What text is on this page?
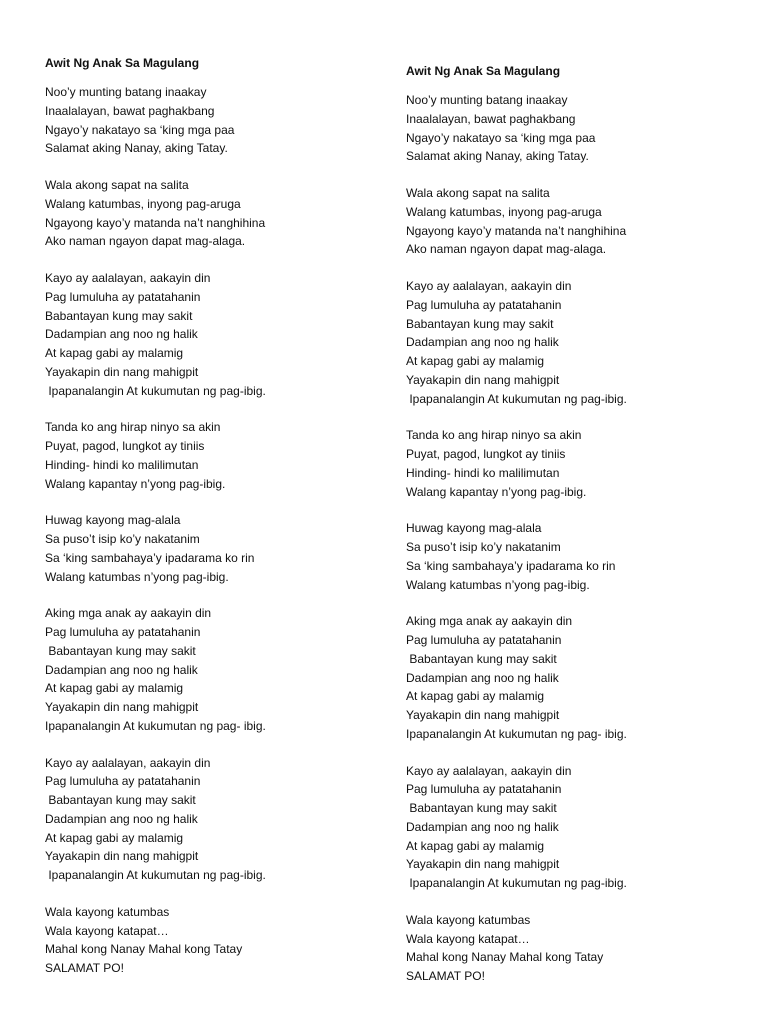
Awit Ng Anak Sa Magulang
Noo’y munting batang inaakay
Inaalalayan, bawat paghakbang
Ngayo’y nakatayo sa ‘king mga paa
Salamat aking Nanay, aking Tatay.
Wala akong sapat na salita
Walang katumbas, inyong pag-aruga
Ngayong kayo’y matanda na’t nanghihina
Ako naman ngayon dapat mag-alaga.
Kayo ay aalalayan, aakayin din
Pag lumuluha ay patatahanin
Babantayan kung may sakit
Dadampian ang noo ng halik
At kapag gabi ay malamig
Yayakapin din nang mahigpit
Ipapanalangin At kukumutan ng pag-ibig.
Tanda ko ang hirap ninyo sa akin
Puyat, pagod, lungkot ay tiniis
Hinding- hindi ko malilimutan
Walang kapantay n’yong pag-ibig.
Huwag kayong mag-alala
Sa puso’t isip ko’y nakatanim
Sa ‘king sambahaya’y ipadarama ko rin
Walang katumbas n’yong pag-ibig.
Aking mga anak ay aakayin din
Pag lumuluha ay patatahanin
Babantayan kung may sakit
Dadampian ang noo ng halik
At kapag gabi ay malamig
Yayakapin din nang mahigpit
Ipapanalangin At kukumutan ng pag- ibig.
Kayo ay aalalayan, aakayin din
Pag lumuluha ay patatahanin
Babantayan kung may sakit
Dadampian ang noo ng halik
At kapag gabi ay malamig
Yayakapin din nang mahigpit
Ipapanalangin At kukumutan ng pag-ibig.
Wala kayong katumbas
Wala kayong katapat…
Mahal kong Nanay Mahal kong Tatay
SALAMAT PO!
Awit Ng Anak Sa Magulang
Noo’y munting batang inaakay
Inaalalayan, bawat paghakbang
Ngayo’y nakatayo sa ‘king mga paa
Salamat aking Nanay, aking Tatay.
Wala akong sapat na salita
Walang katumbas, inyong pag-aruga
Ngayong kayo’y matanda na’t nanghihina
Ako naman ngayon dapat mag-alaga.
Kayo ay aalalayan, aakayin din
Pag lumuluha ay patatahanin
Babantayan kung may sakit
Dadampian ang noo ng halik
At kapag gabi ay malamig
Yayakapin din nang mahigpit
Ipapanalangin At kukumutan ng pag-ibig.
Tanda ko ang hirap ninyo sa akin
Puyat, pagod, lungkot ay tiniis
Hinding- hindi ko malilimutan
Walang kapantay n’yong pag-ibig.
Huwag kayong mag-alala
Sa puso’t isip ko’y nakatanim
Sa ‘king sambahaya’y ipadarama ko rin
Walang katumbas n’yong pag-ibig.
Aking mga anak ay aakayin din
Pag lumuluha ay patatahanin
Babantayan kung may sakit
Dadampian ang noo ng halik
At kapag gabi ay malamig
Yayakapin din nang mahigpit
Ipapanalangin At kukumutan ng pag- ibig.
Kayo ay aalalayan, aakayin din
Pag lumuluha ay patatahanin
Babantayan kung may sakit
Dadampian ang noo ng halik
At kapag gabi ay malamig
Yayakapin din nang mahigpit
Ipapanalangin At kukumutan ng pag-ibig.
Wala kayong katumbas
Wala kayong katapat…
Mahal kong Nanay Mahal kong Tatay
SALAMAT PO!
